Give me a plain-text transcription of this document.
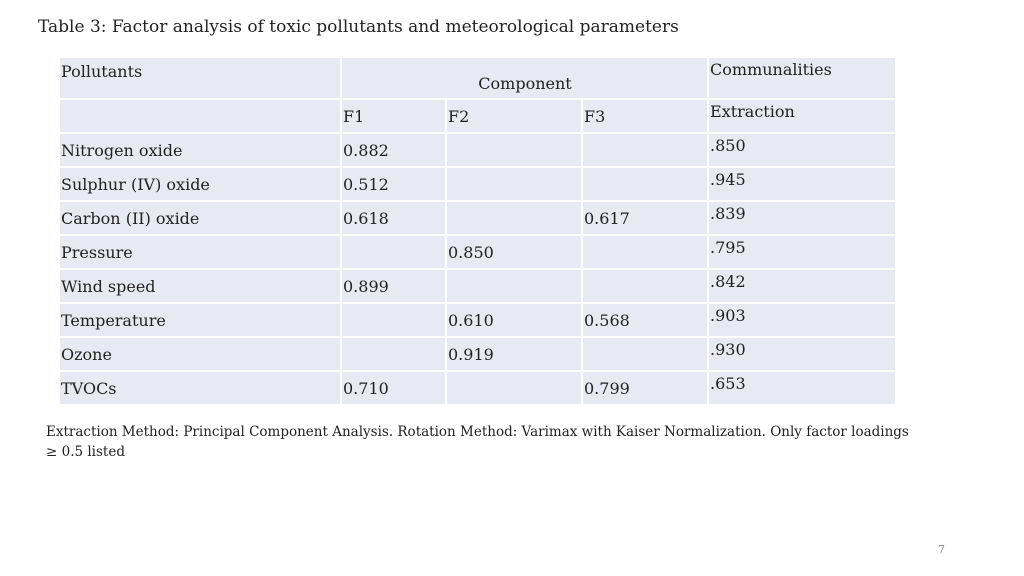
Table 3: Factor analysis of toxic pollutants and meteorological parameters
Pollutants	Component			Communalities
	F1	F2	F3	Extraction
Nitrogen oxide	0.882			.850
Sulphur (IV) oxide	0.512			.945
Carbon (II) oxide	0.618		0.617	.839
Pressure		0.850		.795
Wind speed	0.899			.842
Temperature		0.610	0.568	.903
Ozone		0.919		.930
TVOCs	0.710		0.799	.653
Extraction Method: Principal Component Analysis. Rotation Method: Varimax with Kaiser Normalization. Only factor loadings ≥ 0.5 listed
7
